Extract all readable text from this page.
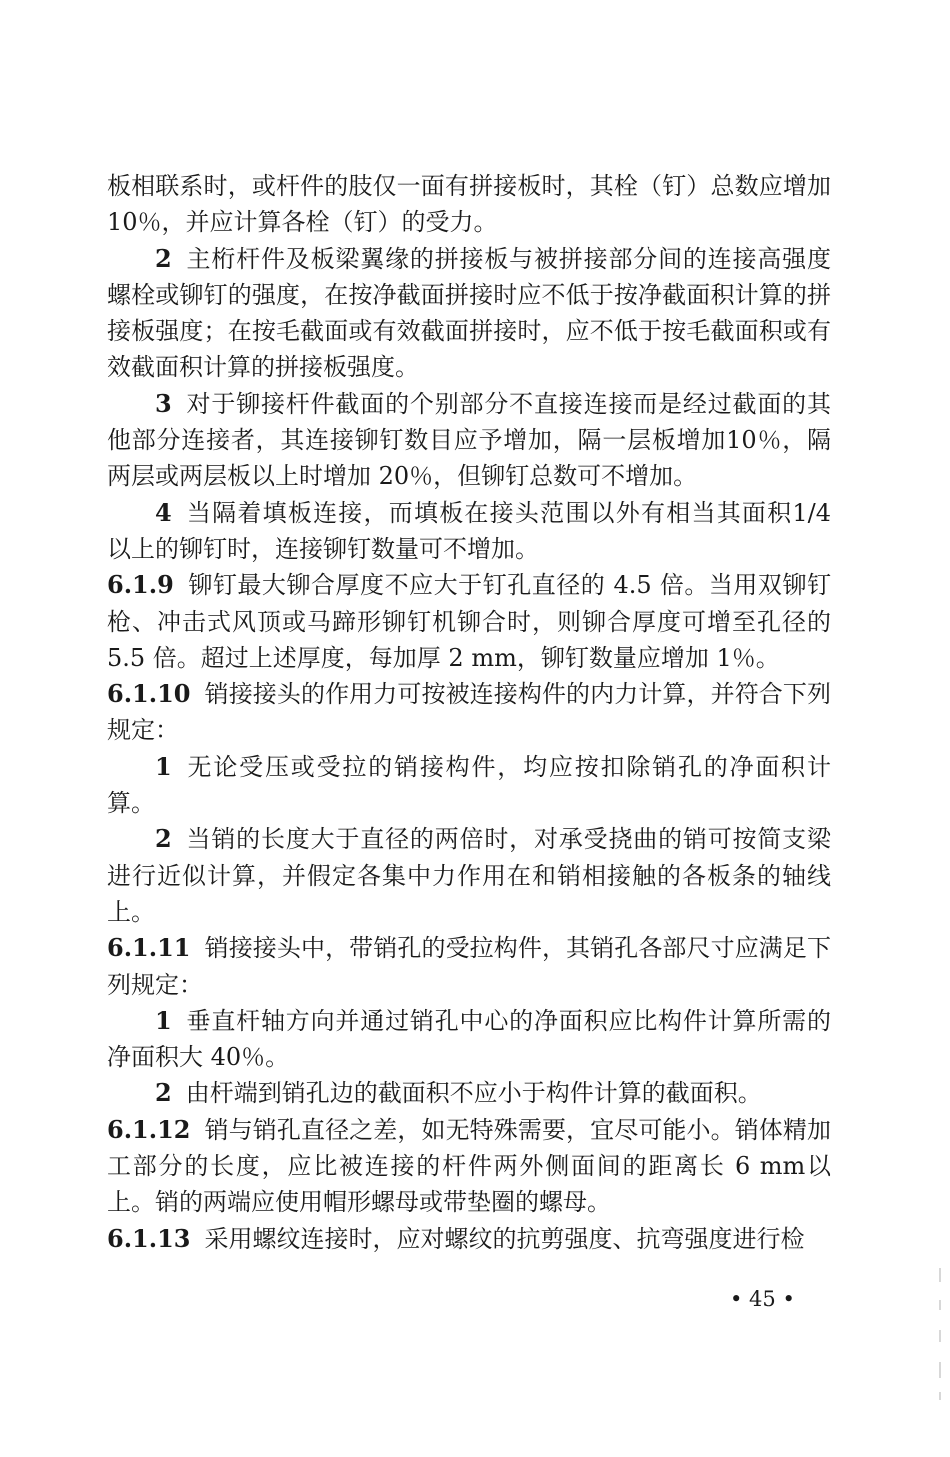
板相联系时，或杆件的肢仅一面有拼接板时，其栓（钉）总数应增加10％，并应计算各栓（钉）的受力。

2 主桁杆件及板梁翼缘的拼接板与被拼接部分间的连接高强度螺栓或铆钉的强度，在按净截面拼接时应不低于按净截面积计算的拼接板强度；在按毛截面或有效截面拼接时，应不低于按毛截面积或有效截面积计算的拼接板强度。

3 对于铆接杆件截面的个别部分不直接连接而是经过截面的其他部分连接者，其连接铆钉数目应予增加，隔一层板增加10％，隔两层或两层板以上时增加 20％，但铆钉总数可不增加。

4 当隔着填板连接，而填板在接头范围以外有相当其面积1/4 以上的铆钉时，连接铆钉数量可不增加。

6.1.9 铆钉最大铆合厚度不应大于钉孔直径的 4.5 倍。当用双铆钉枪、冲击式风顶或马蹄形铆钉机铆合时，则铆合厚度可增至孔径的 5.5 倍。超过上述厚度，每加厚 2 mm，铆钉数量应增加 1％。

6.1.10 销接接头的作用力可按被连接构件的内力计算，并符合下列规定：

1 无论受压或受拉的销接构件，均应按扣除销孔的净面积计算。

2 当销的长度大于直径的两倍时，对承受挠曲的销可按简支梁进行近似计算，并假定各集中力作用在和销相接触的各板条的轴线上。

6.1.11 销接接头中，带销孔的受拉构件，其销孔各部尺寸应满足下列规定：

1 垂直杆轴方向并通过销孔中心的净面积应比构件计算所需的净面积大 40％。

2 由杆端到销孔边的截面积不应小于构件计算的截面积。

6.1.12 销与销孔直径之差，如无特殊需要，宜尽可能小。销体精加工部分的长度，应比被连接的杆件两外侧面间的距离长 6 mm以上。销的两端应使用帽形螺母或带垫圈的螺母。

6.1.13 采用螺纹连接时，应对螺纹的抗剪强度、抗弯强度进行检

• 45 •
